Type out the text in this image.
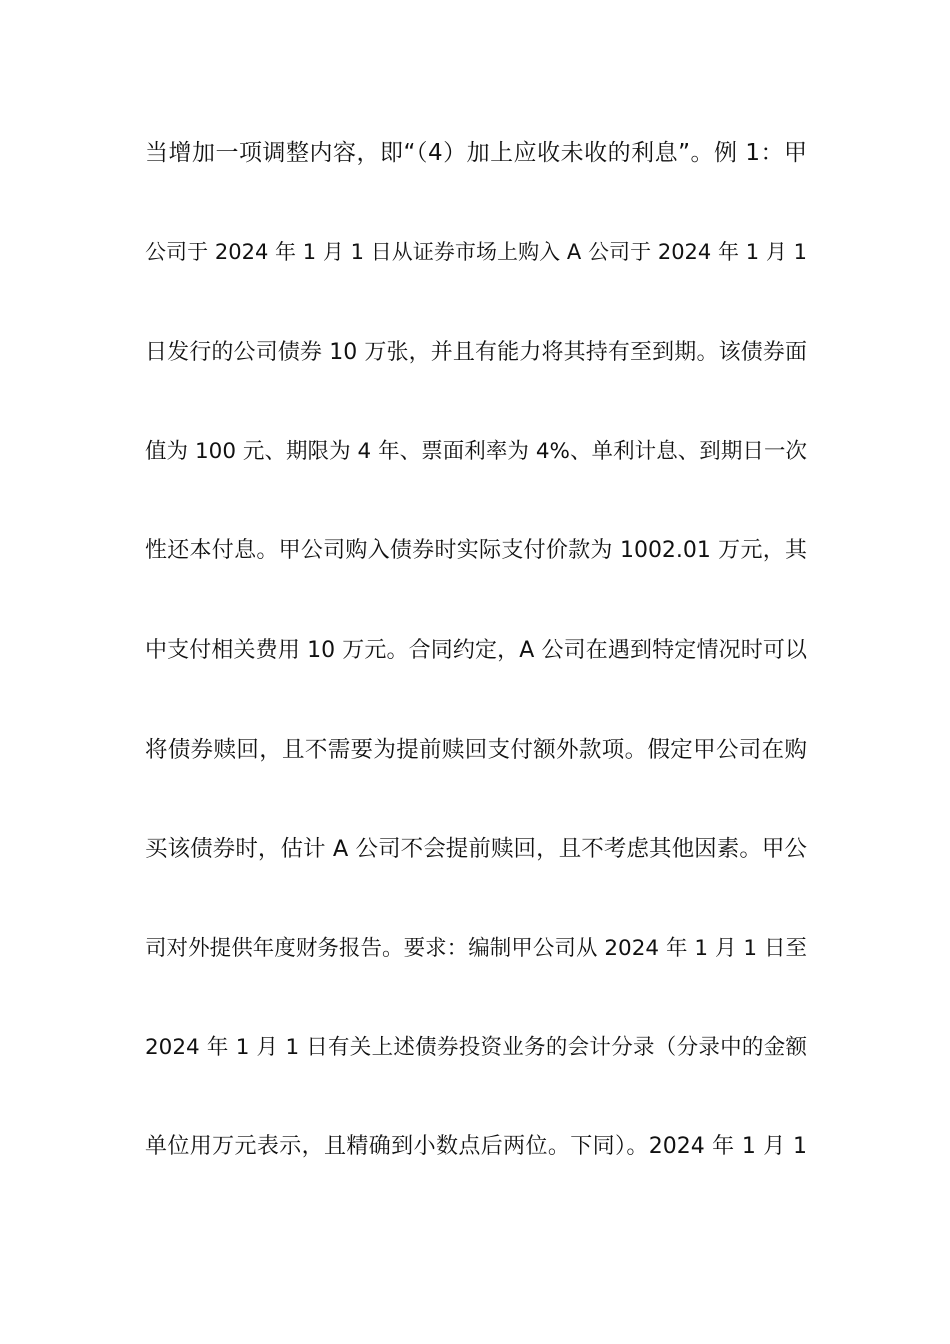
当增加一项调整内容，即“（4）加上应收未收的利息”。例 1：甲
公司于 2024 年 1 月 1 日从证券市场上购入 A 公司于 2024 年 1 月 1
日发行的公司债券 10 万张，并且有能力将其持有至到期。该债券面
值为 100 元、期限为 4 年、票面利率为 4%、单利计息、到期日一次
性还本付息。甲公司购入债券时实际支付价款为 1002.01 万元，其
中支付相关费用 10 万元。合同约定，A 公司在遇到特定情况时可以
将债券赎回，且不需要为提前赎回支付额外款项。假定甲公司在购
买该债券时，估计 A 公司不会提前赎回，且不考虑其他因素。甲公
司对外提供年度财务报告。要求：编制甲公司从 2024 年 1 月 1 日至
2024 年 1 月 1 日有关上述债券投资业务的会计分录（分录中的金额
单位用万元表示，且精确到小数点后两位。下同）。2024 年 1 月 1
